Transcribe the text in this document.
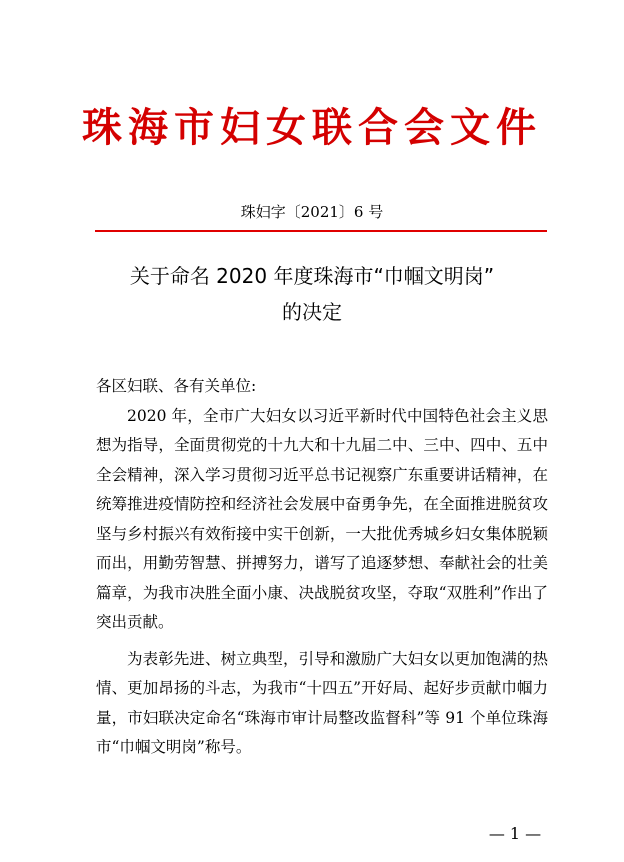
珠海市妇女联合会文件
珠妇字〔2021〕6 号
关于命名 2020 年度珠海市“巾帼文明岗”
的决定

各区妇联、各有关单位:

2020 年，全市广大妇女以习近平新时代中国特色社会主义思想为指导，全面贯彻党的十九大和十九届二中、三中、四中、五中全会精神，深入学习贯彻习近平总书记视察广东重要讲话精神，在统筹推进疫情防控和经济社会发展中奋勇争先，在全面推进脱贫攻坚与乡村振兴有效衔接中实干创新，一大批优秀城乡妇女集体脱颖而出，用勤劳智慧、拼搏努力，谱写了追逐梦想、奉献社会的壮美篇章，为我市决胜全面小康、决战脱贫攻坚，夺取“双胜利”作出了突出贡献。

为表彰先进、树立典型，引导和激励广大妇女以更加饱满的热情、更加昂扬的斗志，为我市“十四五”开好局、起好步贡献巾帼力量，市妇联决定命名“珠海市审计局整改监督科”等 91 个单位珠海市“巾帼文明岗”称号。

— 1 —
